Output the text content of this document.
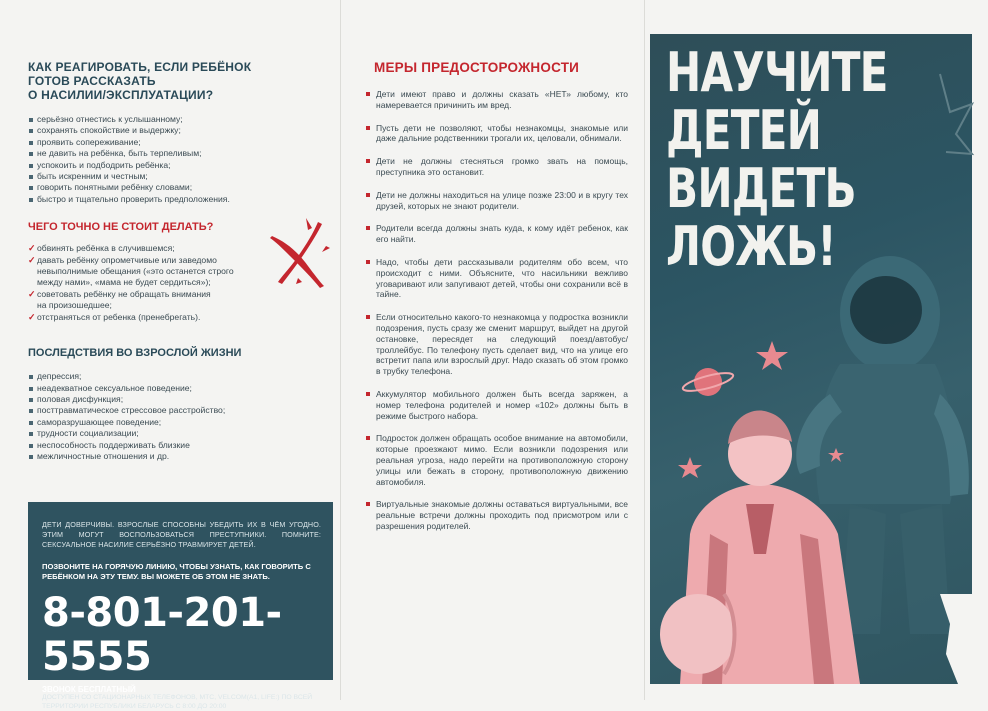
КАК РЕАГИРОВАТЬ, ЕСЛИ РЕБЁНОК
ГОТОВ РАССКАЗАТЬ
О НАСИЛИИ/ЭКСПЛУАТАЦИИ?
серьёзно отнестись к услышанному;
сохранять спокойствие и выдержку;
проявить сопереживание;
не давить на ребёнка, быть терпеливым;
успокоить и подбодрить ребёнка;
быть искренним и честным;
говорить понятными ребёнку словами;
быстро и тщательно проверить предположения.
ЧЕГО ТОЧНО НЕ СТОИТ ДЕЛАТЬ?
✓ обвинять ребёнка в случившемся;
✓ давать ребёнку опрометчивые или заведомо
невыполнимые обещания («это останется строго
между нами», «мама не будет сердиться»);
✓ советовать ребёнку не обращать внимания
на произошедшее;
✓ отстраняться от ребенка (пренебрегать).
ПОСЛЕДСТВИЯ ВО ВЗРОСЛОЙ ЖИЗНИ
депрессия;
неадекватное сексуальное поведение;
половая дисфункция;
посттравматическое стрессовое расстройство;
саморазрушающее поведение;
трудности социализации;
неспособность поддерживать близкие
межличностные отношения и др.
ДЕТИ ДОВЕРЧИВЫ. ВЗРОСЛЫЕ СПОСОБНЫ УБЕДИТЬ ИХ В ЧЁМ УГОДНО. ЭТИМ МОГУТ ВОСПОЛЬЗОВАТЬСЯ ПРЕСТУПНИКИ. ПОМНИТЕ: СЕКСУАЛЬНОЕ НАСИЛИЕ СЕРЬЁЗНО ТРАВМИРУЕТ ДЕТЕЙ.
ПОЗВОНИТЕ НА ГОРЯЧУЮ ЛИНИЮ, ЧТОБЫ УЗНАТЬ, КАК ГОВОРИТЬ С РЕБЁНКОМ НА ЭТУ ТЕМУ. ВЫ МОЖЕТЕ ОБ ЭТОМ НЕ ЗНАТЬ.
8-801-201-5555
ЗВОНОК БЕСПЛАТНЫЙ
ДОСТУПЕН СО СТАЦИОНАРНЫХ ТЕЛЕФОНОВ, МТС, VELCOM(A1, LIFE:) ПО ВСЕЙ ТЕРРИТОРИИ РЕСПУБЛИКИ БЕЛАРУСЬ С 8:00 ДО 20:00
МЕРЫ ПРЕДОСТОРОЖНОСТИ
Дети имеют право и должны сказать «НЕТ» любому, кто намеревается причинить им вред.
Пусть дети не позволяют, чтобы незнакомцы, знакомые или даже дальние родственники трогали их, целовали, обнимали.
Дети не должны стесняться громко звать на помощь, преступника это остановит.
Дети не должны находиться на улице позже 23:00 и в кругу тех друзей, которых не знают родители.
Родители всегда должны знать куда, к кому идёт ребенок, как его найти.
Надо, чтобы дети рассказывали родителям обо всем, что происходит с ними. Объясните, что насильники вежливо уговаривают или запугивают детей, чтобы они сохранили всё в тайне.
Если относительно какого-то незнакомца у подростка возникли подозрения, пусть сразу же сменит маршрут, выйдет на другой остановке, пересядет на следующий поезд/автобус/троллейбус. По телефону пусть сделает вид, что на улице его встретит папа или взрослый друг. Надо сказать об этом громко в трубку телефона.
Аккумулятор мобильного должен быть всегда заряжен, а номер телефона родителей и номер «102» должны быть в режиме быстрого набора.
Подросток должен обращать особое внимание на автомобили, которые проезжают мимо. Если возникли подозрения или реальная угроза, надо перейти на противоположную сторону улицы или бежать в сторону, противоположную движению автомобиля.
Виртуальные знакомые должны оставаться виртуальными, все реальные встречи должны проходить под присмотром или с разрешения родителей.
НАУЧИТЕ
ДЕТЕЙ
ВИДЕТЬ
ЛОЖЬ!
